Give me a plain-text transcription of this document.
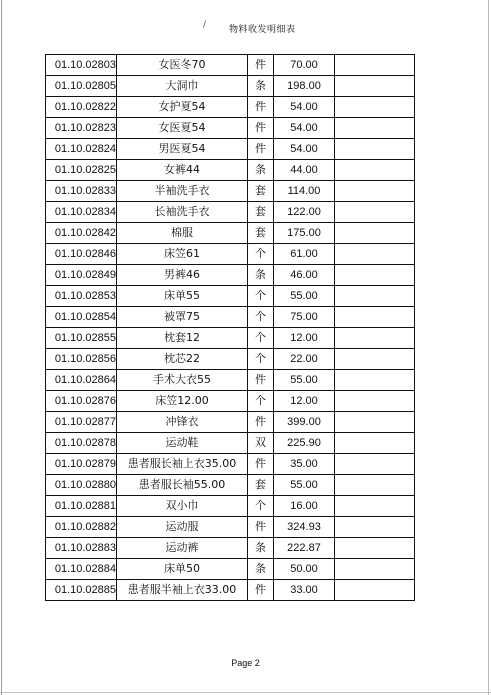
/	物料收发明细表
01.10.02803	女医冬70	件	70.00	
01.10.02805	大洞巾	条	198.00	
01.10.02822	女护夏54	件	54.00	
01.10.02823	女医夏54	件	54.00	
01.10.02824	男医夏54	件	54.00	
01.10.02825	女裤44	条	44.00	
01.10.02833	半袖洗手衣	套	114.00	
01.10.02834	长袖洗手衣	套	122.00	
01.10.02842	棉服	套	175.00	
01.10.02846	床笠61	个	61.00	
01.10.02849	男裤46	条	46.00	
01.10.02853	床单55	个	55.00	
01.10.02854	被罩75	个	75.00	
01.10.02855	枕套12	个	12.00	
01.10.02856	枕芯22	个	22.00	
01.10.02864	手术大衣55	件	55.00	
01.10.02876	床笠12.00	个	12.00	
01.10.02877	冲锋衣	件	399.00	
01.10.02878	运动鞋	双	225.90	
01.10.02879	患者服长袖上衣35.00	件	35.00	
01.10.02880	患者服长袖55.00	套	55.00	
01.10.02881	双小巾	个	16.00	
01.10.02882	运动服	件	324.93	
01.10.02883	运动裤	条	222.87	
01.10.02884	床单50	条	50.00	
01.10.02885	患者服半袖上衣33.00	件	33.00	
Page 2
